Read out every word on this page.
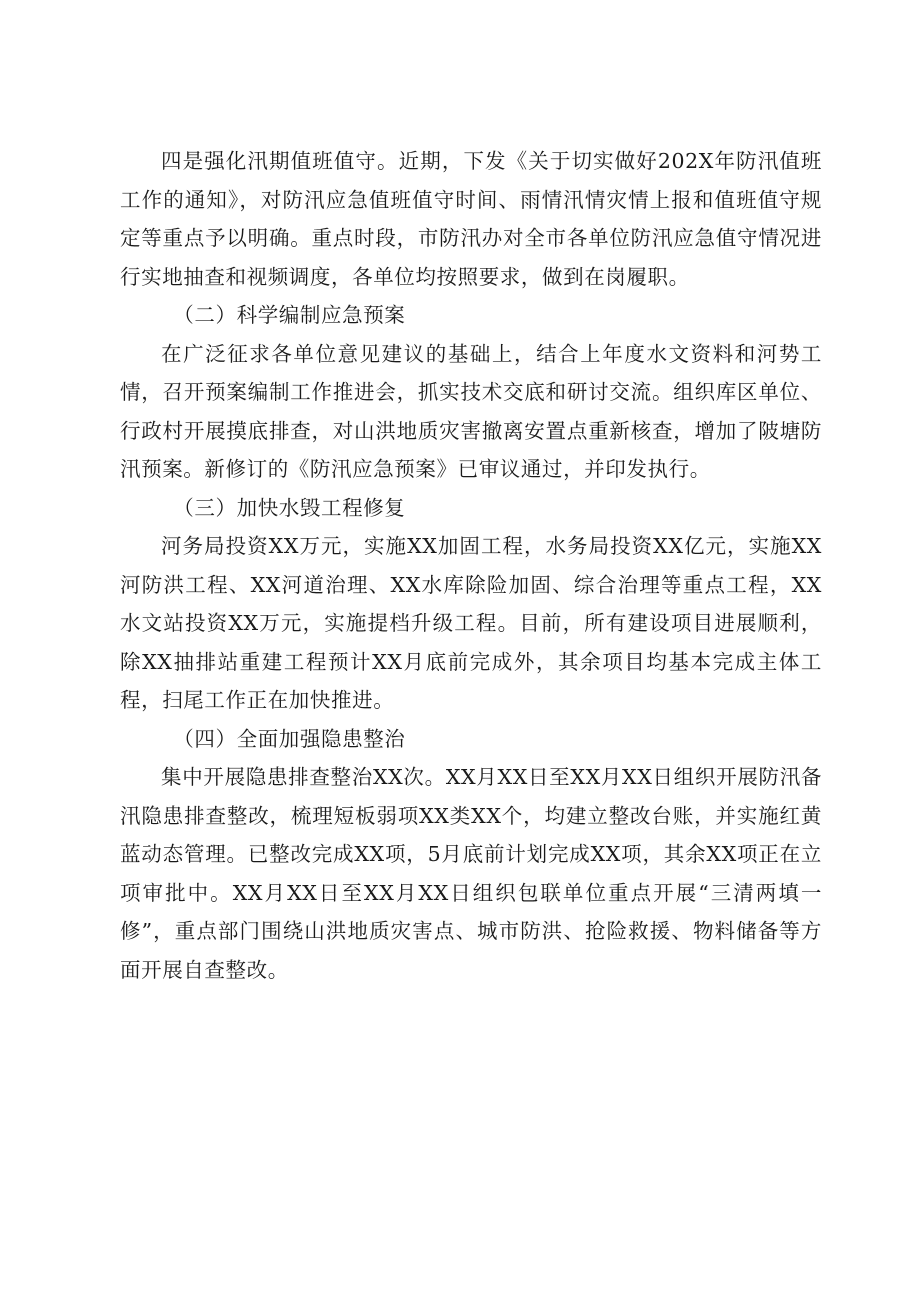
四是强化汛期值班值守。近期，下发《关于切实做好202X年防汛值班工作的通知》，对防汛应急值班值守时间、雨情汛情灾情上报和值班值守规定等重点予以明确。重点时段，市防汛办对全市各单位防汛应急值守情况进行实地抽查和视频调度，各单位均按照要求，做到在岗履职。

（二）科学编制应急预案

在广泛征求各单位意见建议的基础上，结合上年度水文资料和河势工情，召开预案编制工作推进会，抓实技术交底和研讨交流。组织库区单位、行政村开展摸底排查，对山洪地质灾害撤离安置点重新核查，增加了陂塘防汛预案。新修订的《防汛应急预案》已审议通过，并印发执行。

（三）加快水毁工程修复

河务局投资XX万元，实施XX加固工程，水务局投资XX亿元，实施XX河防洪工程、XX河道治理、XX水库除险加固、综合治理等重点工程，XX水文站投资XX万元，实施提档升级工程。目前，所有建设项目进展顺利，除XX抽排站重建工程预计XX月底前完成外，其余项目均基本完成主体工程，扫尾工作正在加快推进。

（四）全面加强隐患整治

集中开展隐患排查整治XX次。XX月XX日至XX月XX日组织开展防汛备汛隐患排查整改，梳理短板弱项XX类XX个，均建立整改台账，并实施红黄蓝动态管理。已整改完成XX项，5月底前计划完成XX项，其余XX项正在立项审批中。XX月XX日至XX月XX日组织包联单位重点开展“三清两填一修”，重点部门围绕山洪地质灾害点、城市防洪、抢险救援、物料储备等方面开展自查整改。
